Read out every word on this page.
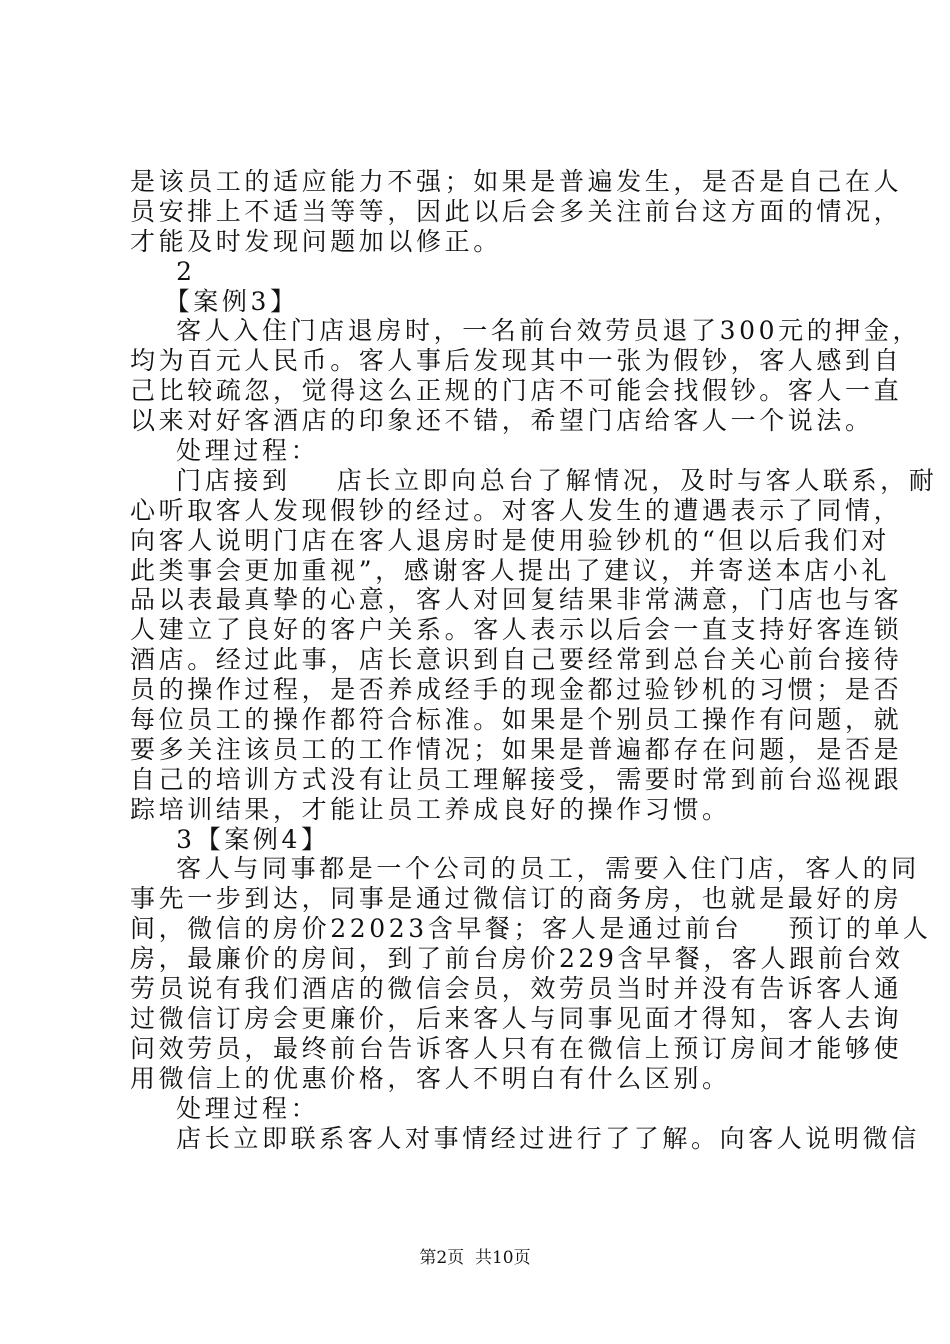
是该员工的适应能力不强；如果是普遍发生，是否是自己在人
员安排上不适当等等，因此以后会多关注前台这方面的情况，
才能及时发现问题加以修正。
2
【案例3】
客人入住门店退房时，一名前台效劳员退了300元的押金，
均为百元人民币。客人事后发现其中一张为假钞，客人感到自
己比较疏忽，觉得这么正规的门店不可能会找假钞。客人一直
以来对好客酒店的印象还不错，希望门店给客人一个说法。
处理过程：
门店接到    店长立即向总台了解情况，及时与客人联系，耐
心听取客人发现假钞的经过。对客人发生的遭遇表示了同情，
向客人说明门店在客人退房时是使用验钞机的“但以后我们对
此类事会更加重视”，感谢客人提出了建议，并寄送本店小礼
品以表最真挚的心意，客人对回复结果非常满意，门店也与客
人建立了良好的客户关系。客人表示以后会一直支持好客连锁
酒店。经过此事，店长意识到自己要经常到总台关心前台接待
员的操作过程，是否养成经手的现金都过验钞机的习惯；是否
每位员工的操作都符合标准。如果是个别员工操作有问题，就
要多关注该员工的工作情况；如果是普遍都存在问题，是否是
自己的培训方式没有让员工理解接受，需要时常到前台巡视跟
踪培训结果，才能让员工养成良好的操作习惯。
3【案例4】
客人与同事都是一个公司的员工，需要入住门店，客人的同
事先一步到达，同事是通过微信订的商务房，也就是最好的房
间，微信的房价22023含早餐；客人是通过前台    预订的单人
房，最廉价的房间，到了前台房价229含早餐，客人跟前台效
劳员说有我们酒店的微信会员，效劳员当时并没有告诉客人通
过微信订房会更廉价，后来客人与同事见面才得知，客人去询
问效劳员，最终前台告诉客人只有在微信上预订房间才能够使
用微信上的优惠价格，客人不明白有什么区别。
处理过程：
店长立即联系客人对事情经过进行了了解。向客人说明微信
第2页  共10页
